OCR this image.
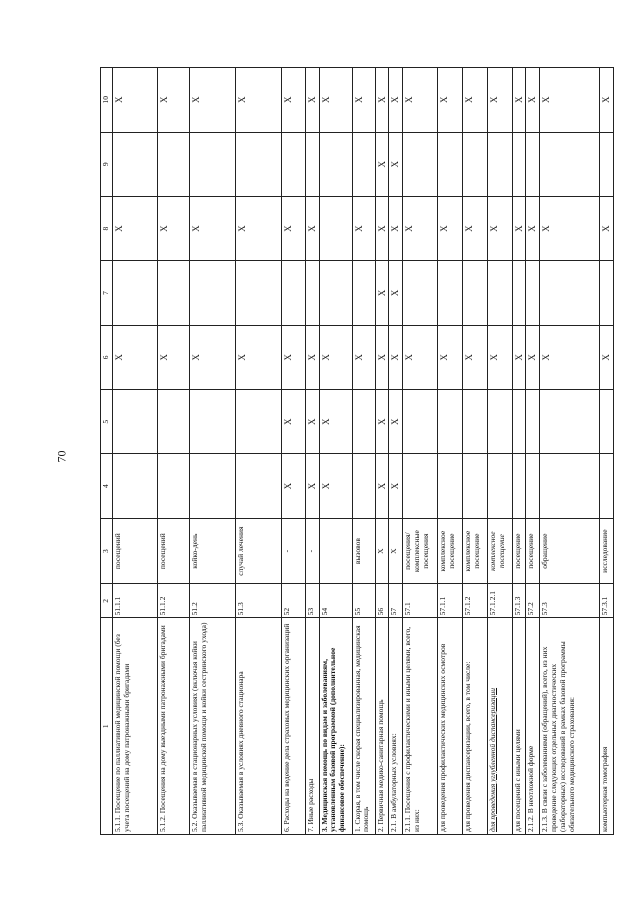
70
1	2	3	4	5	6	7	8	9	10
5.1.1. Посещение по паллиативной медицинской помощи (без учета посещений на дому патронажными бригадами	51.1.1	посещений			X		X		X
5.1.2. Посещения на дому выездными патронажными бригадами	51.1.2	посещений			X		X		X
5.2. Оказываемая в стационарных условиях (включая койки паллиативной медицинской помощи и койки сестринского ухода)	51.2	койко-день			X		X		X
5.3. Оказываемая в условиях дневного стационара	51.3	случай лечения			X		X		X
6. Расходы на ведение дела страховых медицинских организаций	52	-	X	X	X		X		X
7. Иные расходы	53	-	X	X	X		X		X
3. Медицинская помощь по видам и заболеваниям, установленным базовой программой (дополнительное финансовое обеспечение):	54		X	X	X				X
1. Скорая, в том числе скорая специализированная, медицинская помощь	55	вызовов			X		X		X
2. Первичная медико-санитарная помощь	56	X	X	X	X	X	X	X	X
2.1. В амбулаторных условиях:	57	X	X	X	X	X	X	X	X
2.1.1. Посещения с профилактическими и иными целями, всего, из них:	57.1	посещения/ комплексные посещения			X		X		X
для проведения профилактических медицинских осмотров	57.1.1	комплексное посещение			X		X		X
для проведения диспансеризации, всего, в том числе:	57.1.2	комплексное посещение			X		X		X
для проведения углубленной диспансеризации	57.1.2.1	комплексное посещение			X		X		X
для посещений с иными целями	57.1.3	посещение			X		X		X
2.1.2. В неотложной форме	57.2	посещение			X		X		X
2.1.3. В связи с заболеваниями (обращений), всего, из них проведение следующих отдельных диагностических (лабораторных) исследований в рамках базовой программы обязательного медицинского страхования:	57.3	обращение			X		X		X
компьютерная томография	57.3.1	исследование			X		X		X
